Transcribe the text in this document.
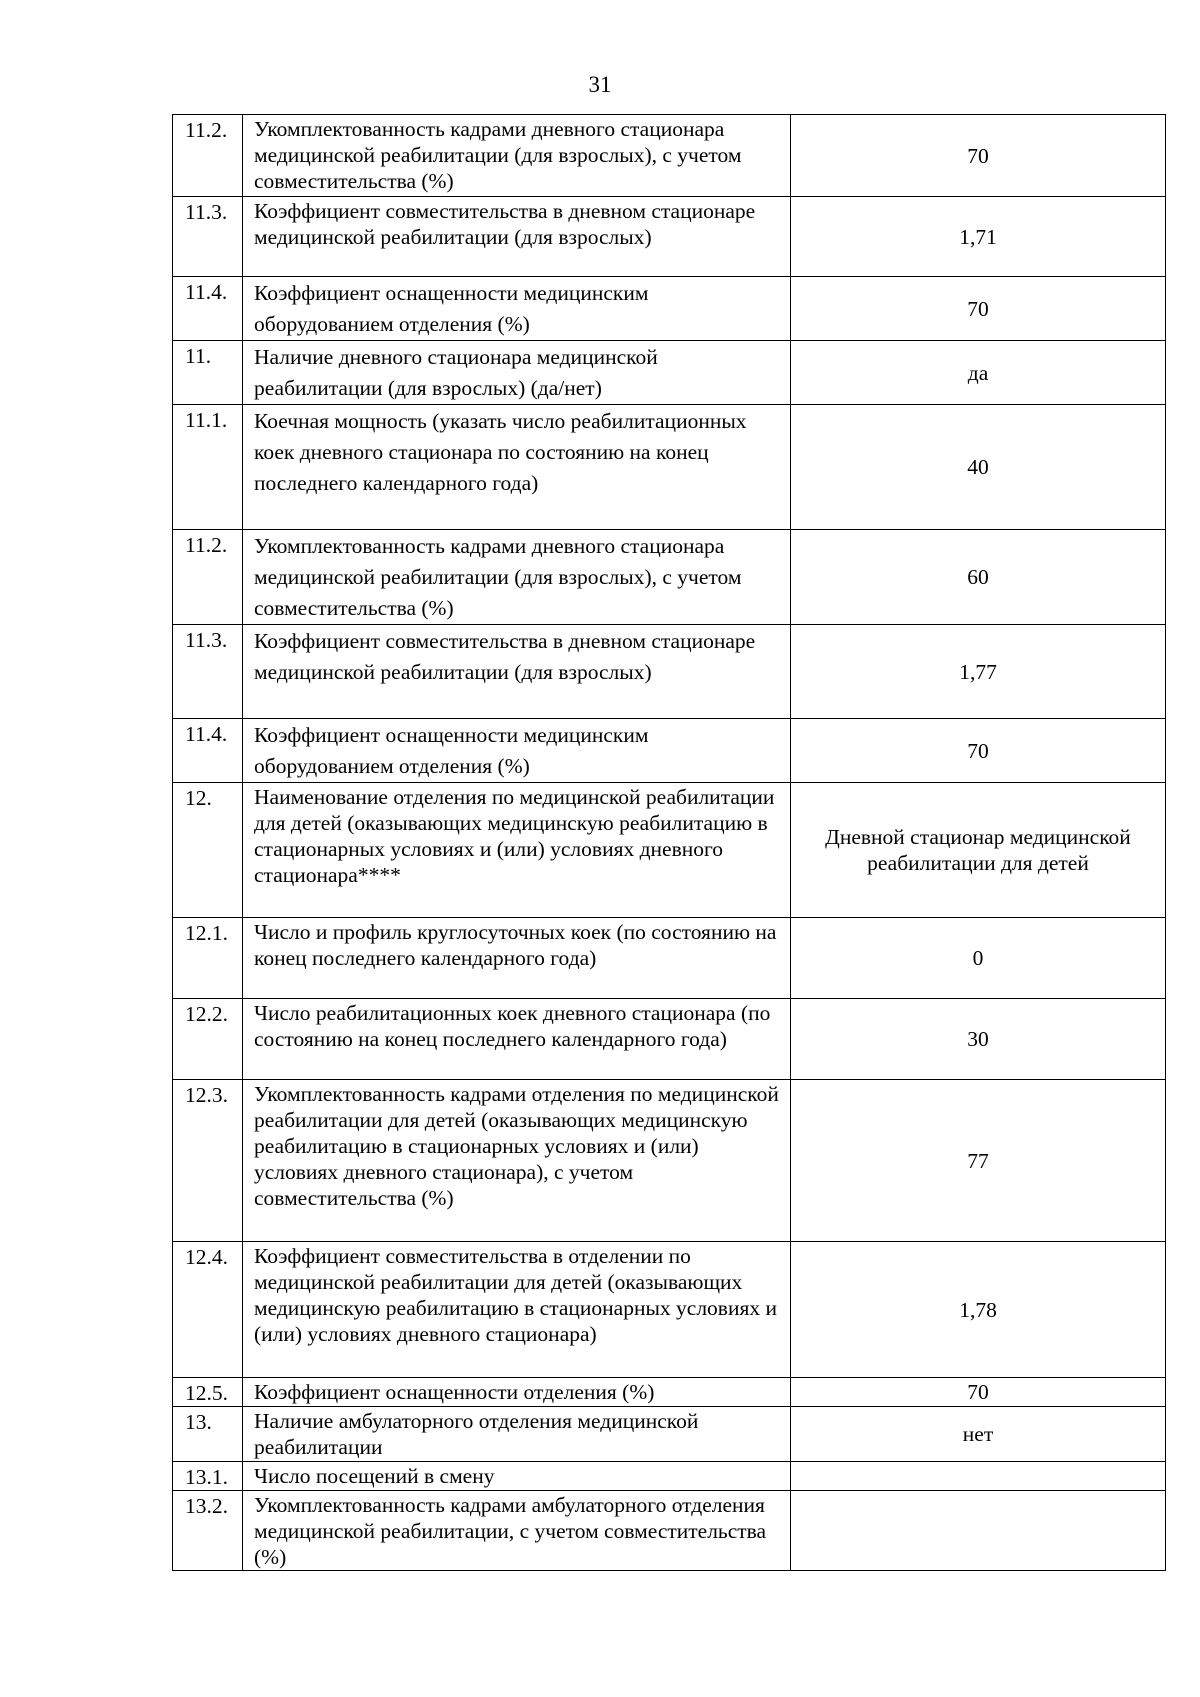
31
11.2.	Укомплектованность кадрами дневного стационара медицинской реабилитации (для взрослых), с учетом совместительства (%)	70
11.3.	Коэффициент совместительства в дневном стационаре медицинской реабилитации (для взрослых)	1,71
11.4.	Коэффициент оснащенности медицинским оборудованием отделения (%)	70
11.	Наличие дневного стационара медицинской реабилитации (для взрослых) (да/нет)	да
11.1.	Коечная мощность (указать число реабилитационных коек дневного стационара по состоянию на конец последнего календарного года)	40
11.2.	Укомплектованность кадрами дневного стационара медицинской реабилитации (для взрослых), с учетом совместительства (%)	60
11.3.	Коэффициент совместительства в дневном стационаре медицинской реабилитации (для взрослых)	1,77
11.4.	Коэффициент оснащенности медицинским оборудованием отделения (%)	70
12.	Наименование отделения по медицинской реабилитации для детей (оказывающих медицинскую реабилитацию в стационарных условиях и (или) условиях дневного стационара****	Дневной стационар медицинской реабилитации для детей
12.1.	Число и профиль круглосуточных коек (по состоянию на конец последнего календарного года)	0
12.2.	Число реабилитационных коек дневного стационара (по состоянию на конец последнего календарного года)	30
12.3.	Укомплектованность кадрами отделения по медицинской реабилитации для детей (оказывающих медицинскую реабилитацию в стационарных условиях и (или) условиях дневного стационара), с учетом совместительства (%)	77
12.4.	Коэффициент совместительства в отделении по медицинской реабилитации для детей (оказывающих медицинскую реабилитацию в стационарных условиях и (или) условиях дневного стационара)	1,78
12.5.	Коэффициент оснащенности отделения (%)	70
13.	Наличие амбулаторного отделения медицинской реабилитации	нет
13.1.	Число посещений в смену	
13.2.	Укомплектованность кадрами амбулаторного отделения медицинской реабилитации, с учетом совместительства (%)	
